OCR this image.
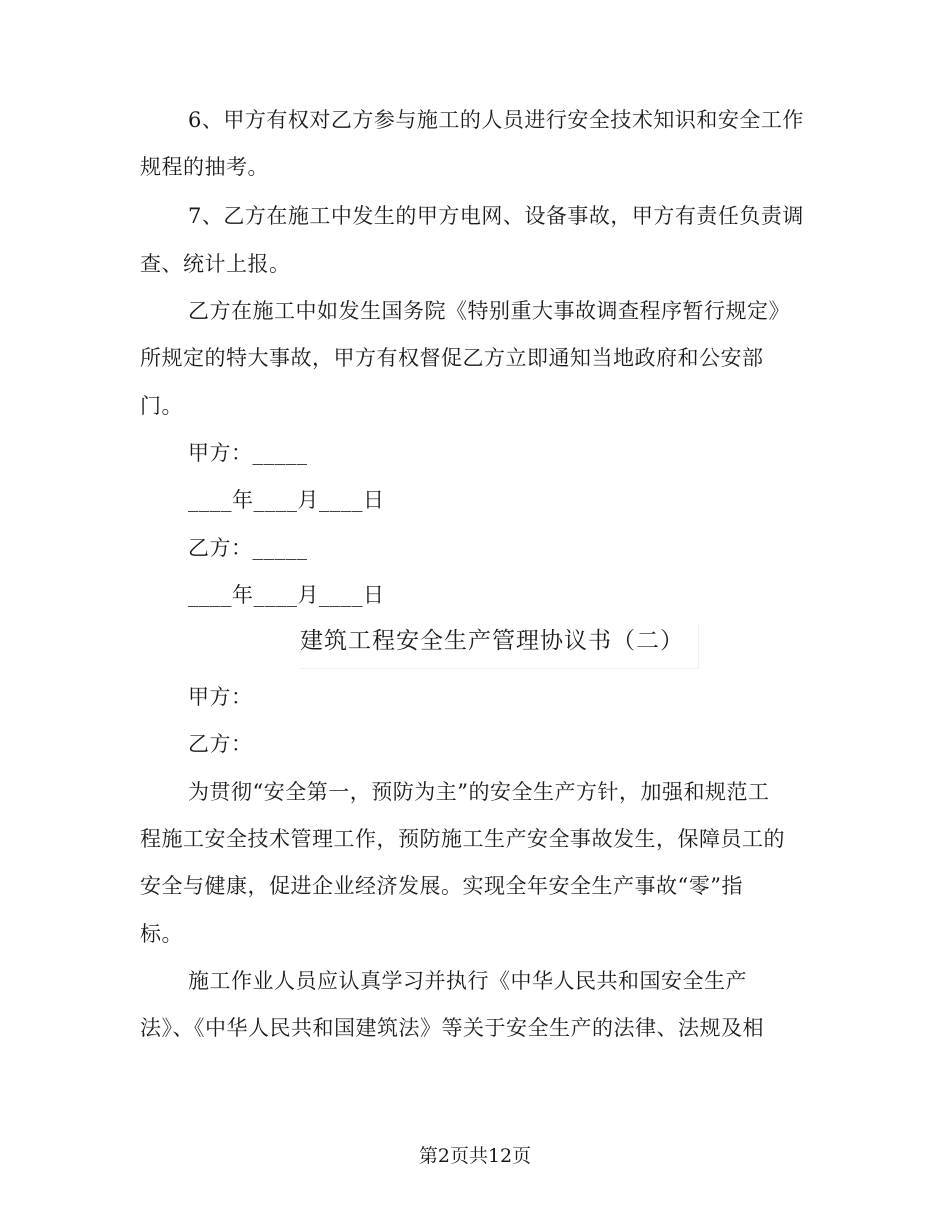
6、甲方有权对乙方参与施工的人员进行安全技术知识和安全工作
规程的抽考。
7、乙方在施工中发生的甲方电网、设备事故，甲方有责任负责调
查、统计上报。
乙方在施工中如发生国务院《特别重大事故调查程序暂行规定》
所规定的特大事故，甲方有权督促乙方立即通知当地政府和公安部
门。
甲方：_____
____年____月____日
乙方：_____
____年____月____日
建筑工程安全生产管理协议书（二）
甲方：
乙方：
为贯彻“安全第一，预防为主”的安全生产方针，加强和规范工
程施工安全技术管理工作，预防施工生产安全事故发生，保障员工的
安全与健康，促进企业经济发展。实现全年安全生产事故“零”指
标。
施工作业人员应认真学习并执行《中华人民共和国安全生产
法》、《中华人民共和国建筑法》等关于安全生产的法律、法规及相
第2页共12页
